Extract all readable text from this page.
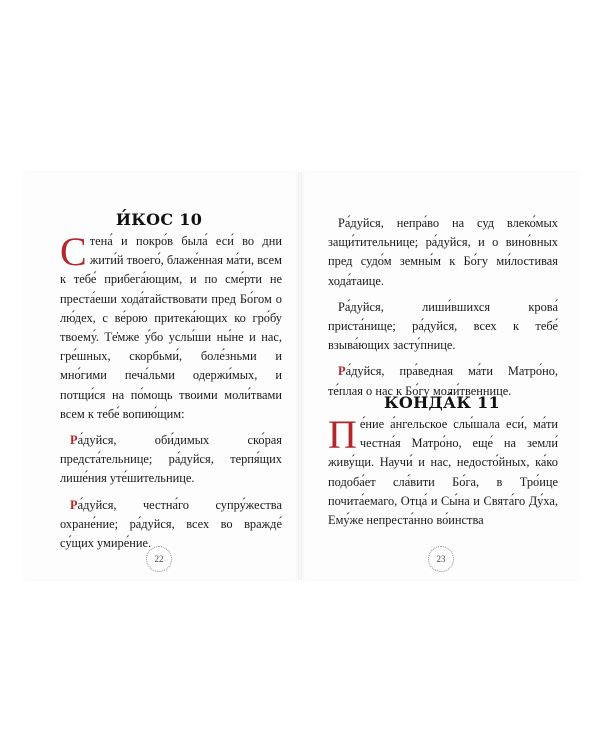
И́КОС 10

С тена́ и покро́в была́ еси́ во дни жити́й твоего́, блаже́нная ма́ти, всем к тебе́ прибега́ющим, и по сме́рти не преста́еши хода́тайствовати пред Бо́гом о лю́дех, с ве́рою притека́ющих ко гро́бу твоему́. Тe̓мже у́бо услы́ши ны́не и нас, гре́шных, скорбьми́, боле́зньми и мно́гими печа́льми одержи́мых, и потщи́ся на по́мощь твоими моли́твами всем к тебе́ вопию́щим:

Ра́дуйся, оби́димых ско́рая предста́тельнице; ра́дуйся, терпя́щих лише́ния уте́шительнице.

Ра́дуйся, честна́го супру́жества охране́ние; ра́дуйся, всех во вражде́ су́щих умире́ние.

22

Ра́дуйся, непра́во на суд влеко́мых защи́тительнице; ра́дуйся, и о вино́вных пред судо́м земны́м к Бо́гу ми́лостивая хода́таице.

Ра́дуйся, лиши́вшихся крова́ приста́нище; ра́дуйся, всех к тебе́ взыва́ющих засту́пнице.

Ра́дуйся, пра́ведная ма́ти Матро́но, те́плая о нас к Бо́гу моли́твеннице.

КОНДА́К 11

П е́ние а́нгельское слы́шала еси́, ма́ти честна́я Матро́но, еще́ на земли́ живу́щи. Научи́ и нас, недосто́йных, ка́ко подоба́ет сла́вити Бо́га, в Тро́ице почита́емаго, Отца́ и Сы́на и Свята́го Ду́ха, Ему́же непреста́нно во́инства

23
